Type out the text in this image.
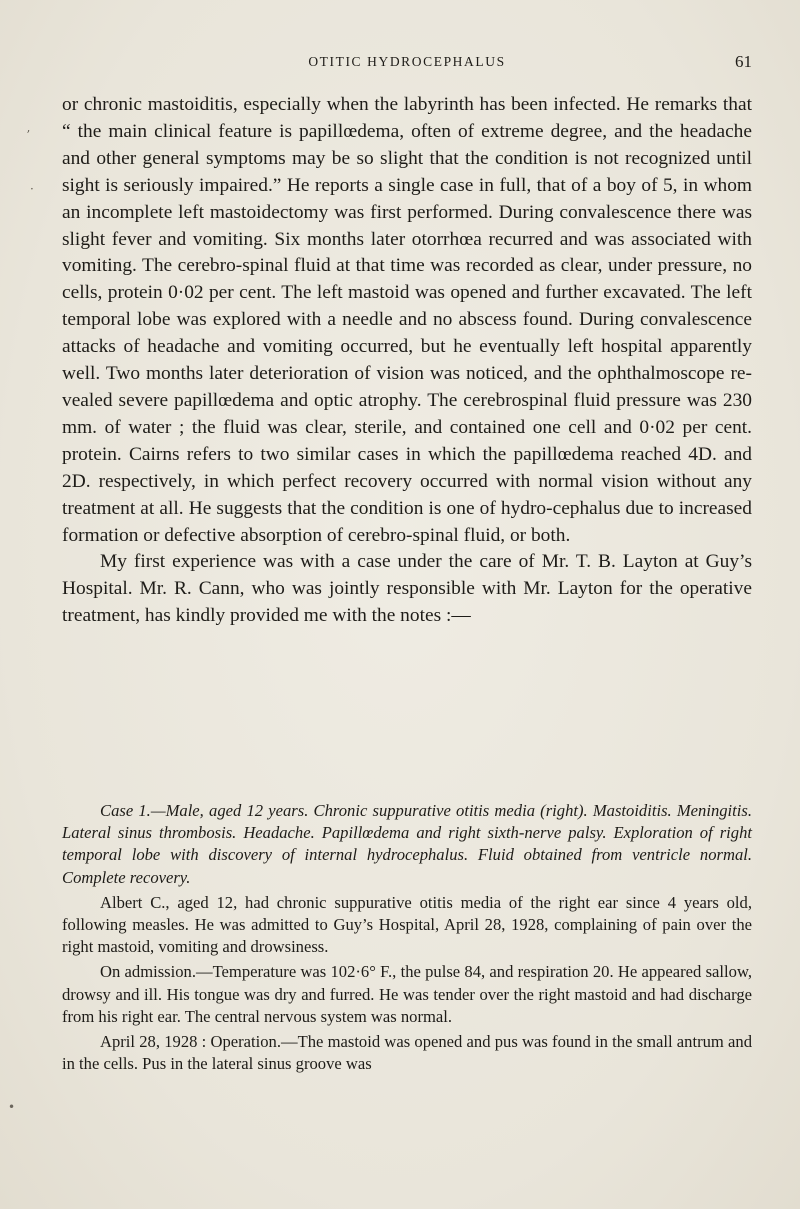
OTITIC HYDROCEPHALUS	61

or chronic mastoiditis, especially when the labyrinth has been infected. He remarks that “ the main clinical feature is papillœdema, often of extreme degree, and the headache and other general symptoms may be so slight that the condition is not recognized until sight is seriously impaired.” He reports a single case in full, that of a boy of 5, in whom an incomplete left mastoidectomy was first performed. During convalescence there was slight fever and vomiting. Six months later otorrhœa recurred and was associated with vomiting. The cerebro-spinal fluid at that time was recorded as clear, under pressure, no cells, protein 0·02 per cent. The left mastoid was opened and further excavated. The left temporal lobe was explored with a needle and no abscess found. During convalescence attacks of headache and vomiting occurred, but he eventually left hospital apparently well. Two months later deterioration of vision was noticed, and the ophthalmoscope re-vealed severe papillœdema and optic atrophy. The cerebrospinal fluid pressure was 230 mm. of water ; the fluid was clear, sterile, and contained one cell and 0·02 per cent. protein. Cairns refers to two similar cases in which the papillœdema reached 4D. and 2D. respectively, in which perfect recovery occurred with normal vision without any treatment at all. He suggests that the condition is one of hydro-cephalus due to increased formation or defective absorption of cerebro-spinal fluid, or both.

My first experience was with a case under the care of Mr. T. B. Layton at Guy’s Hospital. Mr. R. Cann, who was jointly responsible with Mr. Layton for the operative treatment, has kindly provided me with the notes :—

Case 1.—Male, aged 12 years. Chronic suppurative otitis media (right). Mastoiditis. Meningitis. Lateral sinus thrombosis. Headache. Papillœdema and right sixth-nerve palsy. Exploration of right temporal lobe with discovery of internal hydrocephalus. Fluid obtained from ventricle normal. Complete recovery.

Albert C., aged 12, had chronic suppurative otitis media of the right ear since 4 years old, following measles. He was admitted to Guy’s Hospital, April 28, 1928, complaining of pain over the right mastoid, vomiting and drowsiness.

On admission.—Temperature was 102·6° F., the pulse 84, and respiration 20. He appeared sallow, drowsy and ill. His tongue was dry and furred. He was tender over the right mastoid and had discharge from his right ear. The central nervous system was normal.

April 28, 1928 : Operation.—The mastoid was opened and pus was found in the small antrum and in the cells. Pus in the lateral sinus groove was

ʼ
·
•
